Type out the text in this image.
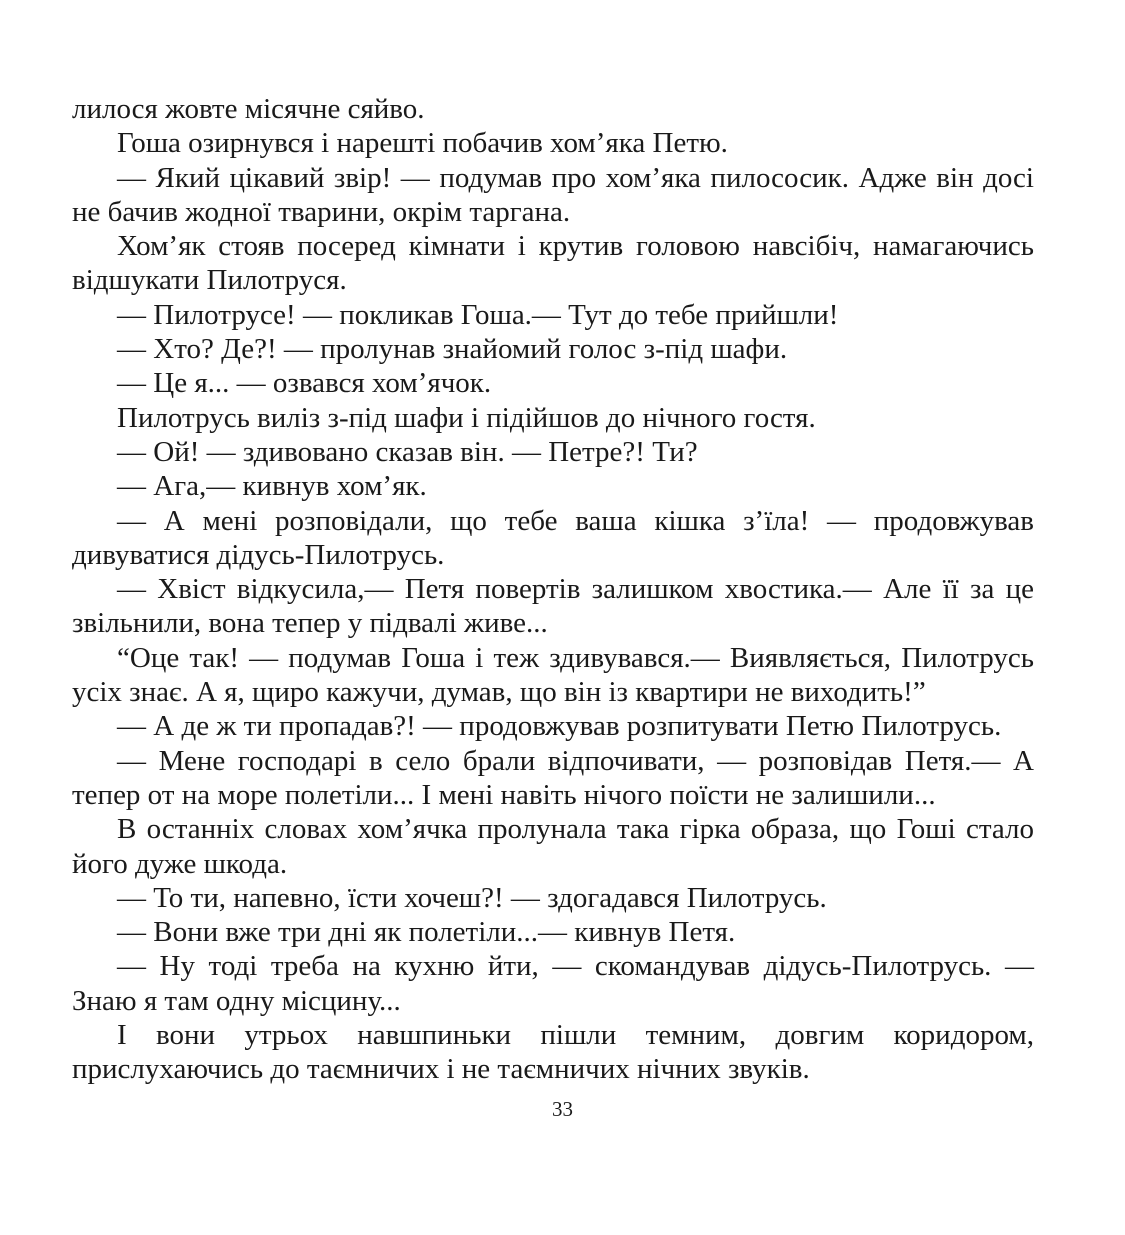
лилося жовте місячне сяйво.

Гоша озирнувся і нарешті побачив хом’яка Петю.

— Який цікавий звір! — подумав про хом’яка пилососик. Адже він досі не бачив жодної тварини, окрім таргана.

Хом’як стояв посеред кімнати і крутив головою навсібіч, намагаючись відшукати Пилотруся.

— Пилотрусе! — покликав Гоша.— Тут до тебе прийшли!

— Хто? Де?! — пролунав знайомий голос з-під шафи.

— Це я... — озвався хом’ячок.

Пилотрусь виліз з-під шафи і підійшов до нічного гостя.

— Ой! — здивовано сказав він. — Петре?! Ти?

— Ага,— кивнув хом’як.

— А мені розповідали, що тебе ваша кішка з’їла! — продовжував дивуватися дідусь-Пилотрусь.

— Хвіст відкусила,— Петя повертів залишком хвостика.— Але її за це звільнили, вона тепер у підвалі живе...

“Оце так! — подумав Гоша і теж здивувався.— Виявляється, Пилотрусь усіх знає. А я, щиро кажучи, думав, що він із квартири не виходить!”

— А де ж ти пропадав?! — продовжував розпитувати Петю Пилотрусь.

— Мене господарі в село брали відпочивати, — розповідав Петя.— А тепер от на море полетіли... І мені навіть нічого поїсти не залишили...

В останніх словах хом’ячка пролунала така гірка образа, що Гоші стало його дуже шкода.

— То ти, напевно, їсти хочеш?! — здогадався Пилотрусь.

— Вони вже три дні як полетіли...— кивнув Петя.

— Ну тоді треба на кухню йти, — скомандував дідусь-Пилотрусь. — Знаю я там одну місцину...

І вони утрьох навшпиньки пішли темним, довгим коридором, прислухаючись до таємничих і не таємничих нічних звуків.

33
